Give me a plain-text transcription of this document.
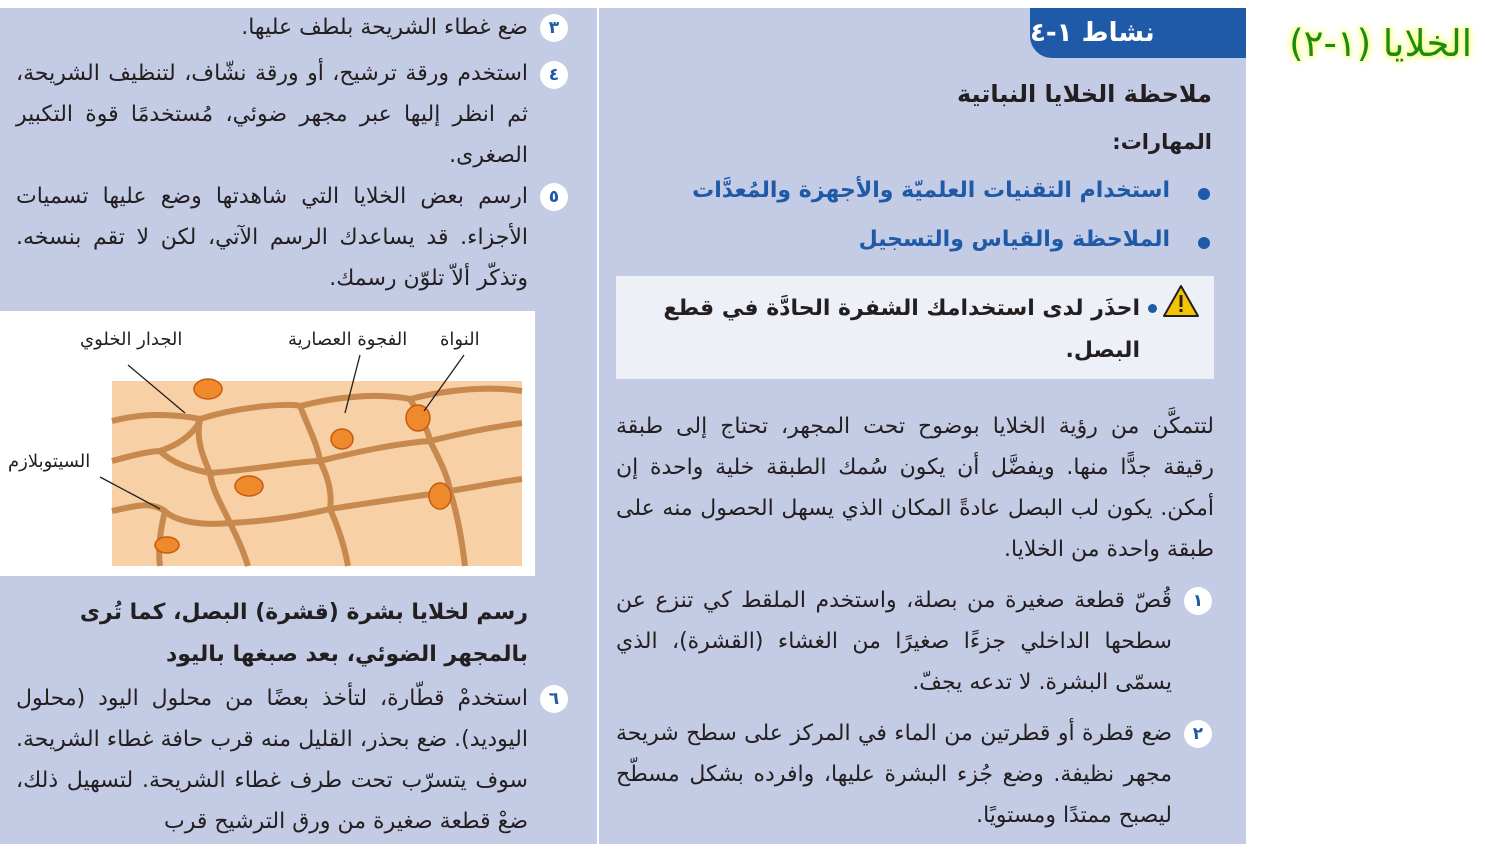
الخلايا (١-٢)
نشاط ١-٤
ملاحظة الخلايا النباتية
المهارات:
استخدام التقنيات العلميّة والأجهزة والمُعدَّات
الملاحظة والقياس والتسجيل
احذَر لدى استخدامك الشفرة الحادَّة في قطع البصل.
لتتمكَّن من رؤية الخلايا بوضوح تحت المجهر، تحتاج إلى طبقة رقيقة جدًّا منها. ويفضَّل أن يكون سُمك الطبقة خلية واحدة إن أمكن. يكون لب البصل عادةً المكان الذي يسهل الحصول منه على طبقة واحدة من الخلايا.
١
قُصّ قطعة صغيرة من بصلة، واستخدم الملقط كي تنزع عن سطحها الداخلي جزءًا صغيرًا من الغشاء (القشرة)، الذي يسمّى البشرة. لا تدعه يجفّ.
٢
ضع قطرة أو قطرتين من الماء في المركز على سطح شريحة مجهر نظيفة. وضع جُزء البشرة عليها، وافرده بشكل مسطّح ليصبح ممتدًا ومستويًا.
٣
ضع غطاء الشريحة بلطف عليها.
٤
استخدم ورقة ترشيح، أو ورقة نشّاف، لتنظيف الشريحة، ثم انظر إليها عبر مجهر ضوئي، مُستخدمًا قوة التكبير الصغرى.
٥
ارسم بعض الخلايا التي شاهدتها وضع عليها تسميات الأجزاء. قد يساعدك الرسم الآتي، لكن لا تقم بنسخه. وتذكّر ألاّ تلوّن رسمك.
النواة
الفجوة العصارية
الجدار الخلوي
السيتوبلازم
رسم لخلايا بشرة (قشرة) البصل، كما تُرى بالمجهر الضوئي، بعد صبغها باليود
٦
استخدمْ قطّارة، لتأخذ بعضًا من محلول اليود (محلول اليوديد). ضع بحذر، القليل منه قرب حافة غطاء الشريحة. سوف يتسرّب تحت طرف غطاء الشريحة. لتسهيل ذلك، ضعْ قطعة صغيرة من ورق الترشيح قرب
